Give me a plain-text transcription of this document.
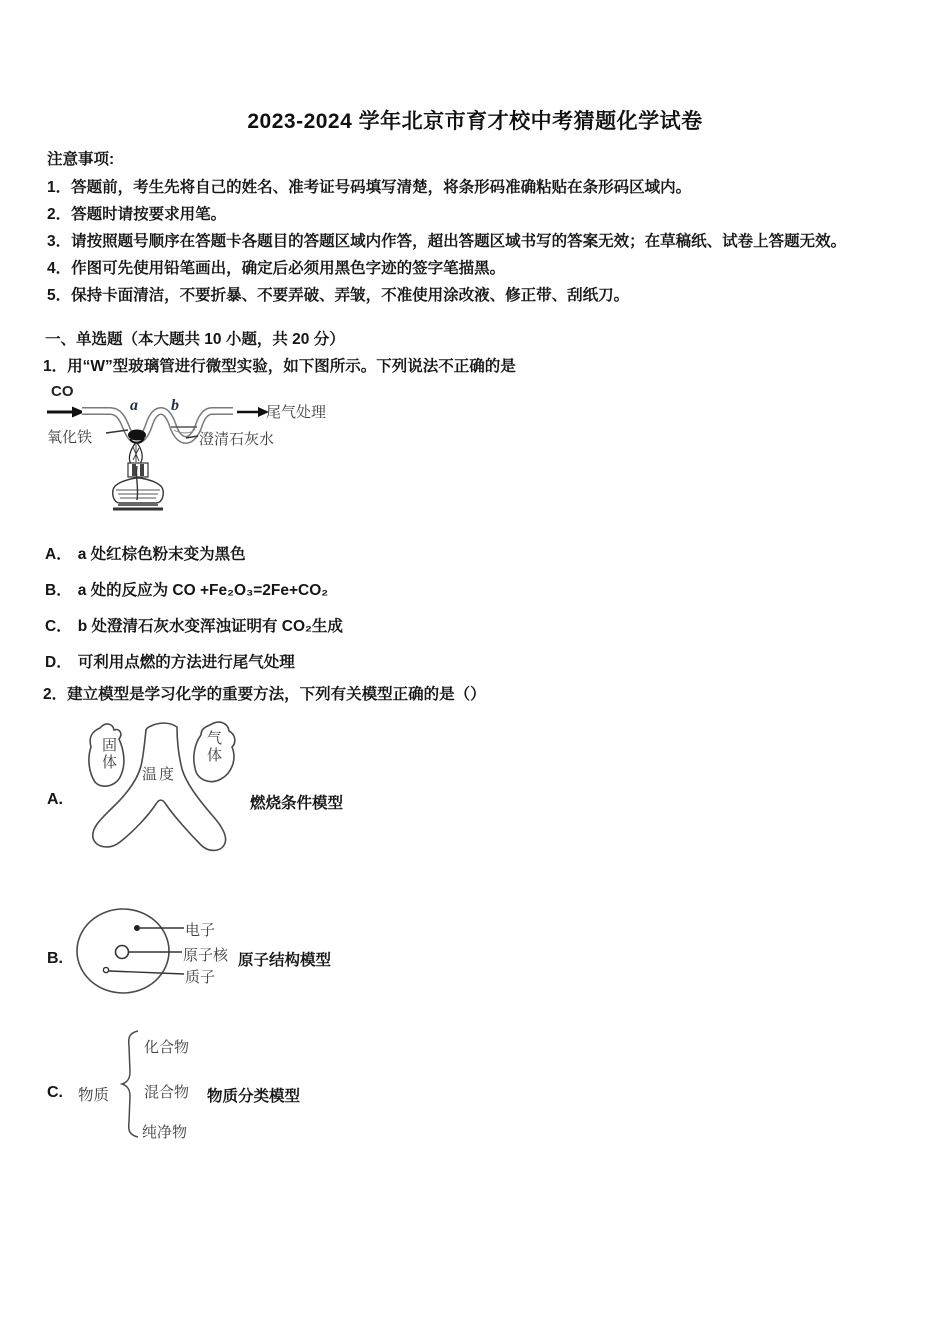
2023-2024 学年北京市育才校中考猜题化学试卷
注意事项:
1．答题前，考生先将自己的姓名、准考证号码填写清楚，将条形码准确粘贴在条形码区域内。
2．答题时请按要求用笔。
3．请按照题号顺序在答题卡各题目的答题区域内作答，超出答题区域书写的答案无效；在草稿纸、试卷上答题无效。
4．作图可先使用铅笔画出，确定后必须用黑色字迹的签字笔描黑。
5．保持卡面清洁，不要折暴、不要弄破、弄皱，不准使用涂改液、修正带、刮纸刀。
一、单选题（本大题共 10 小题，共 20 分）
1．用“W”型玻璃管进行微型实验，如下图所示。下列说法不正确的是
CO
a b	尾气处理
氧化铁	澄清石灰水
A． a 处红棕色粉末变为黑色
B． a 处的反应为 CO +Fe₂O₃=2Fe+CO₂
C． b 处澄清石灰水变浑浊证明有 CO₂生成
D． 可利用点燃的方法进行尾气处理
2．建立模型是学习化学的重要方法，下列有关模型正确的是（）
固体	气体
温度
A.	燃烧条件模型
电子
原子核
质子
B.	原子结构模型
C. 物质
化合物
混合物
纯净物
物质分类模型
